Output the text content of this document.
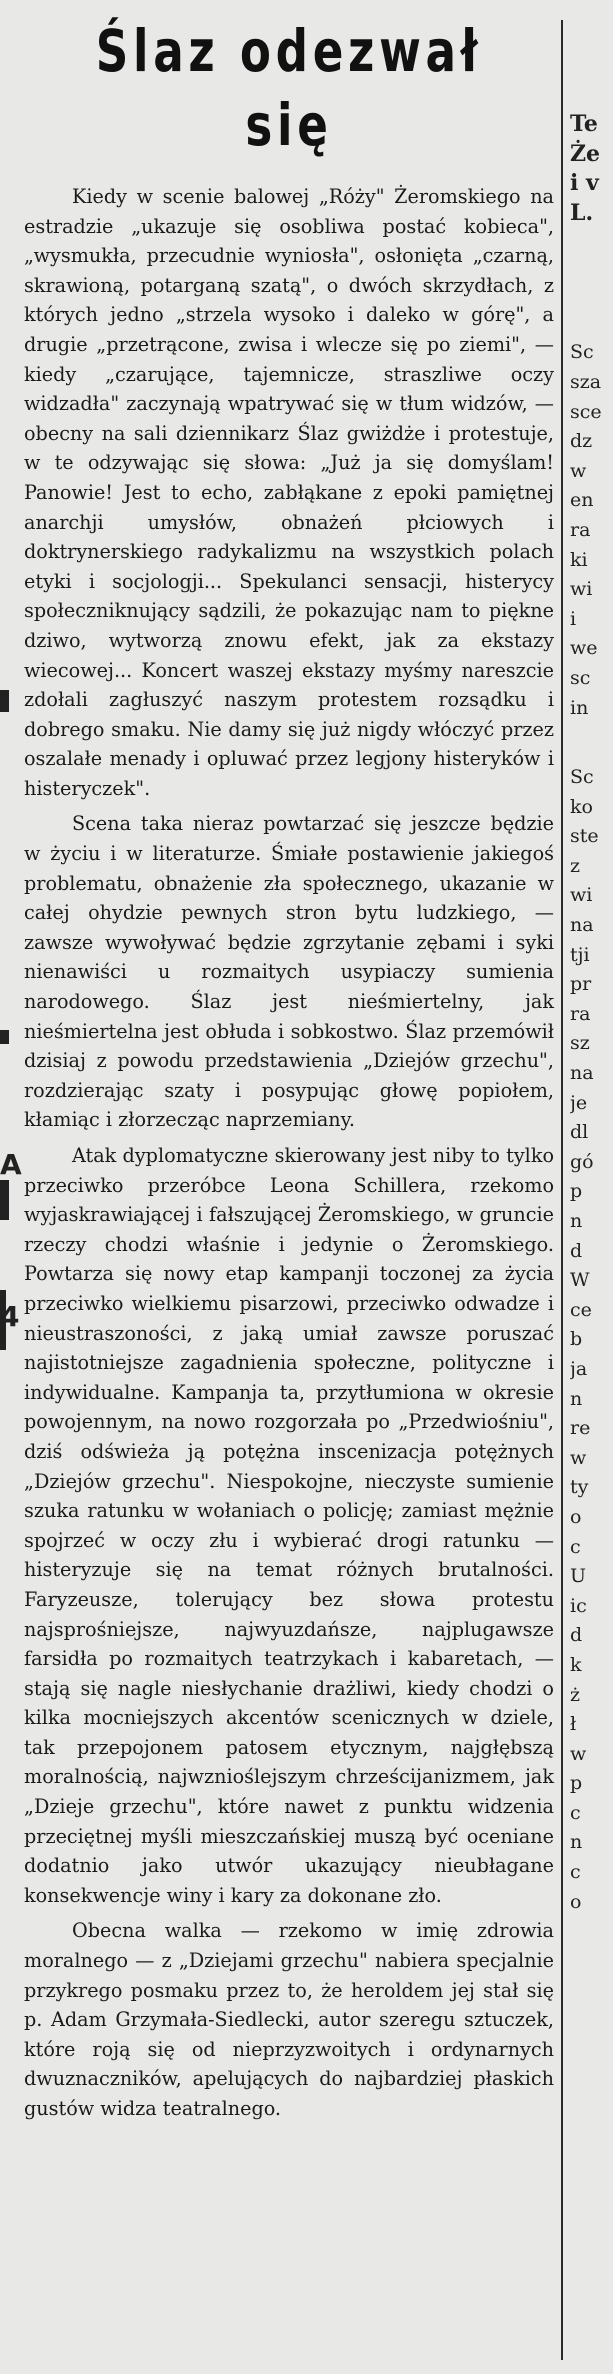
A
4
Ślaz odezwał się

Kiedy w scenie balowej „Róży" Żeromskiego na estradzie „ukazuje się osobliwa postać kobieca", „wysmukła, przecudnie wyniosła", osłonięta „czarną, skrawioną, potarganą szatą", o dwóch skrzydłach, z których jedno „strzela wysoko i daleko w górę", a drugie „przetrącone, zwisa i wlecze się po ziemi", — kiedy „czarujące, tajemnicze, straszliwe oczy widzadła" zaczynają wpatrywać się w tłum widzów, — obecny na sali dziennikarz Ślaz gwiżdże i protestuje, w te odzywając się słowa: „Już ja się domyślam! Panowie! Jest to echo, zabłąkane z epoki pamiętnej anarchji umysłów, obnażeń płciowych i doktrynerskiego radykalizmu na wszystkich polach etyki i socjologji... Spekulanci sensacji, histerycy społeczniknujący sądzili, że pokazując nam to piękne dziwo, wytworzą znowu efekt, jak za ekstazy wiecowej... Koncert waszej ekstazy myśmy nareszcie zdołali zagłuszyć naszym protestem rozsądku i dobrego smaku. Nie damy się już nigdy włóczyć przez oszalałe menady i opluwać przez legjony histeryków i histeryczek".

Scena taka nieraz powtarzać się jeszcze będzie w życiu i w literaturze. Śmiałe postawienie jakiegoś problematu, obnażenie zła społecznego, ukazanie w całej ohydzie pewnych stron bytu ludzkiego, — zawsze wywoływać będzie zgrzytanie zębami i syki nienawiści u rozmaitych usypiaczy sumienia narodowego. Ślaz jest nieśmiertelny, jak nieśmiertelna jest obłuda i sobkostwo. Ślaz przemówił dzisiaj z powodu przedstawienia „Dziejów grzechu", rozdzierając szaty i posypując głowę popiołem, kłamiąc i złorzecząc naprzemiany.

Atak dyplomatyczne skierowany jest niby to tylko przeciwko przeróbce Leona Schillera, rzekomo wyjaskrawiającej i fałszującej Żeromskiego, w gruncie rzeczy chodzi właśnie i jedynie o Żeromskiego. Powtarza się nowy etap kampanji toczonej za życia przeciwko wielkiemu pisarzowi, przeciwko odwadze i nieustraszoności, z jaką umiał zawsze poruszać najistotniejsze zagadnienia społeczne, polityczne i indywidualne. Kampanja ta, przytłumiona w okresie powojennym, na nowo rozgorzała po „Przedwiośniu", dziś odświeża ją potężna inscenizacja potężnych „Dziejów grzechu". Niespokojne, nieczyste sumienie szuka ratunku w wołaniach o policję; zamiast mężnie spojrzeć w oczy złu i wybierać drogi ratunku — histeryzuje się na temat różnych brutalności. Faryzeusze, tolerujący bez słowa protestu najsprośniejsze, najwyuzdańsze, najplugawsze farsidła po rozmaitych teatrzykach i kabaretach, — stają się nagle niesłychanie drażliwi, kiedy chodzi o kilka mocniejszych akcentów scenicznych w dziele, tak przepojonem patosem etycznym, najgłębszą moralnością, najwznioślejszym chrześcijanizmem, jak „Dzieje grzechu", które nawet z punktu widzenia przeciętnej myśli mieszczańskiej muszą być oceniane dodatnio jako utwór ukazujący nieubłagane konsekwencje winy i kary za dokonane zło.

Obecna walka — rzekomo w imię zdrowia moralnego — z „Dziejami grzechu" nabiera specjalnie przykrego posmaku przez to, że heroldem jej stał się p. Adam Grzymała-Siedlecki, autor szeregu sztuczek, które roją się od nieprzyzwoitych i ordynarnych dwuznaczników, apelujących do najbardziej płaskich gustów widza teatralnego.

Te
Że
i v
L.
Sc
sza
sce
dz
w
en
ra
ki
wi
i
we
sc
in
Sc
ko
ste
z
wi
na
tji
pr
ra
sz
na
je
dl
gó
p
n
d
W
ce
b
ja
n
re
w
ty
o
c
U
ic
d
k
ż
ł
w
p
c
n
c
o
